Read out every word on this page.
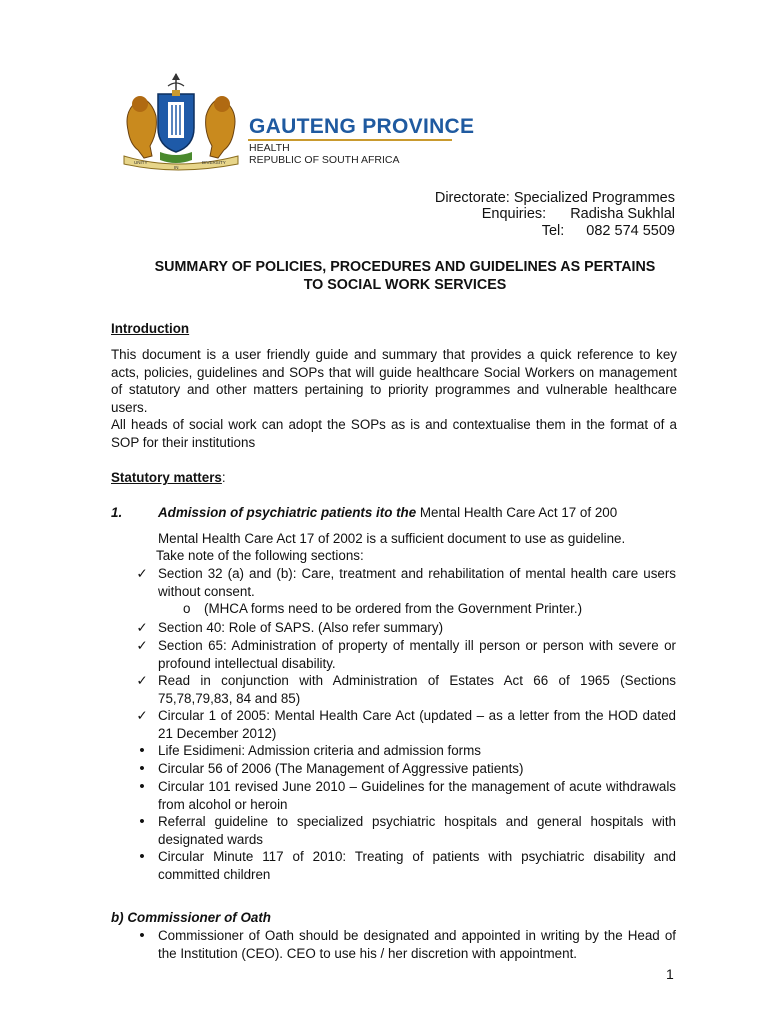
UNITY
IN
DIVERSITY
GAUTENG PROVINCE
HEALTH
REPUBLIC OF SOUTH AFRICA
Directorate: Specialized Programmes
Enquiries: Radisha Sukhlal
Tel: 082 574 5509
SUMMARY OF POLICIES, PROCEDURES AND GUIDELINES AS PERTAINS
TO SOCIAL WORK SERVICES
Introduction
This document is a user friendly guide and summary that provides a quick reference to key acts, policies, guidelines and SOPs that will guide healthcare Social Workers on management of statutory and other matters pertaining to priority programmes and vulnerable healthcare users.
All heads of social work can adopt the SOPs as is and contextualise them in the format of a SOP for their institutions
Statutory matters:
1.	Admission of psychiatric patients ito the Mental Health Care Act 17 of 200
Mental Health Care Act 17 of 2002 is a sufficient document to use as guideline.
Take note of the following sections:
✓ Section 32 (a) and (b): Care, treatment and rehabilitation of mental health care users without consent.
o (MHCA forms need to be ordered from the Government Printer.)
✓ Section 40: Role of SAPS. (Also refer summary)
✓ Section 65: Administration of property of mentally ill person or person with severe or profound intellectual disability.
✓ Read in conjunction with Administration of Estates Act 66 of 1965 (Sections 75,78,79,83, 84 and 85)
✓ Circular 1 of 2005: Mental Health Care Act (updated – as a letter from the HOD dated 21 December 2012)
• Life Esidimeni: Admission criteria and admission forms
• Circular 56 of 2006 (The Management of Aggressive patients)
• Circular 101 revised June 2010 – Guidelines for the management of acute withdrawals from alcohol or heroin
• Referral guideline to specialized psychiatric hospitals and general hospitals with designated wards
• Circular Minute 117 of 2010: Treating of patients with psychiatric disability and committed children
b) Commissioner of Oath
• Commissioner of Oath should be designated and appointed in writing by the Head of the Institution (CEO). CEO to use his / her discretion with appointment.
1
